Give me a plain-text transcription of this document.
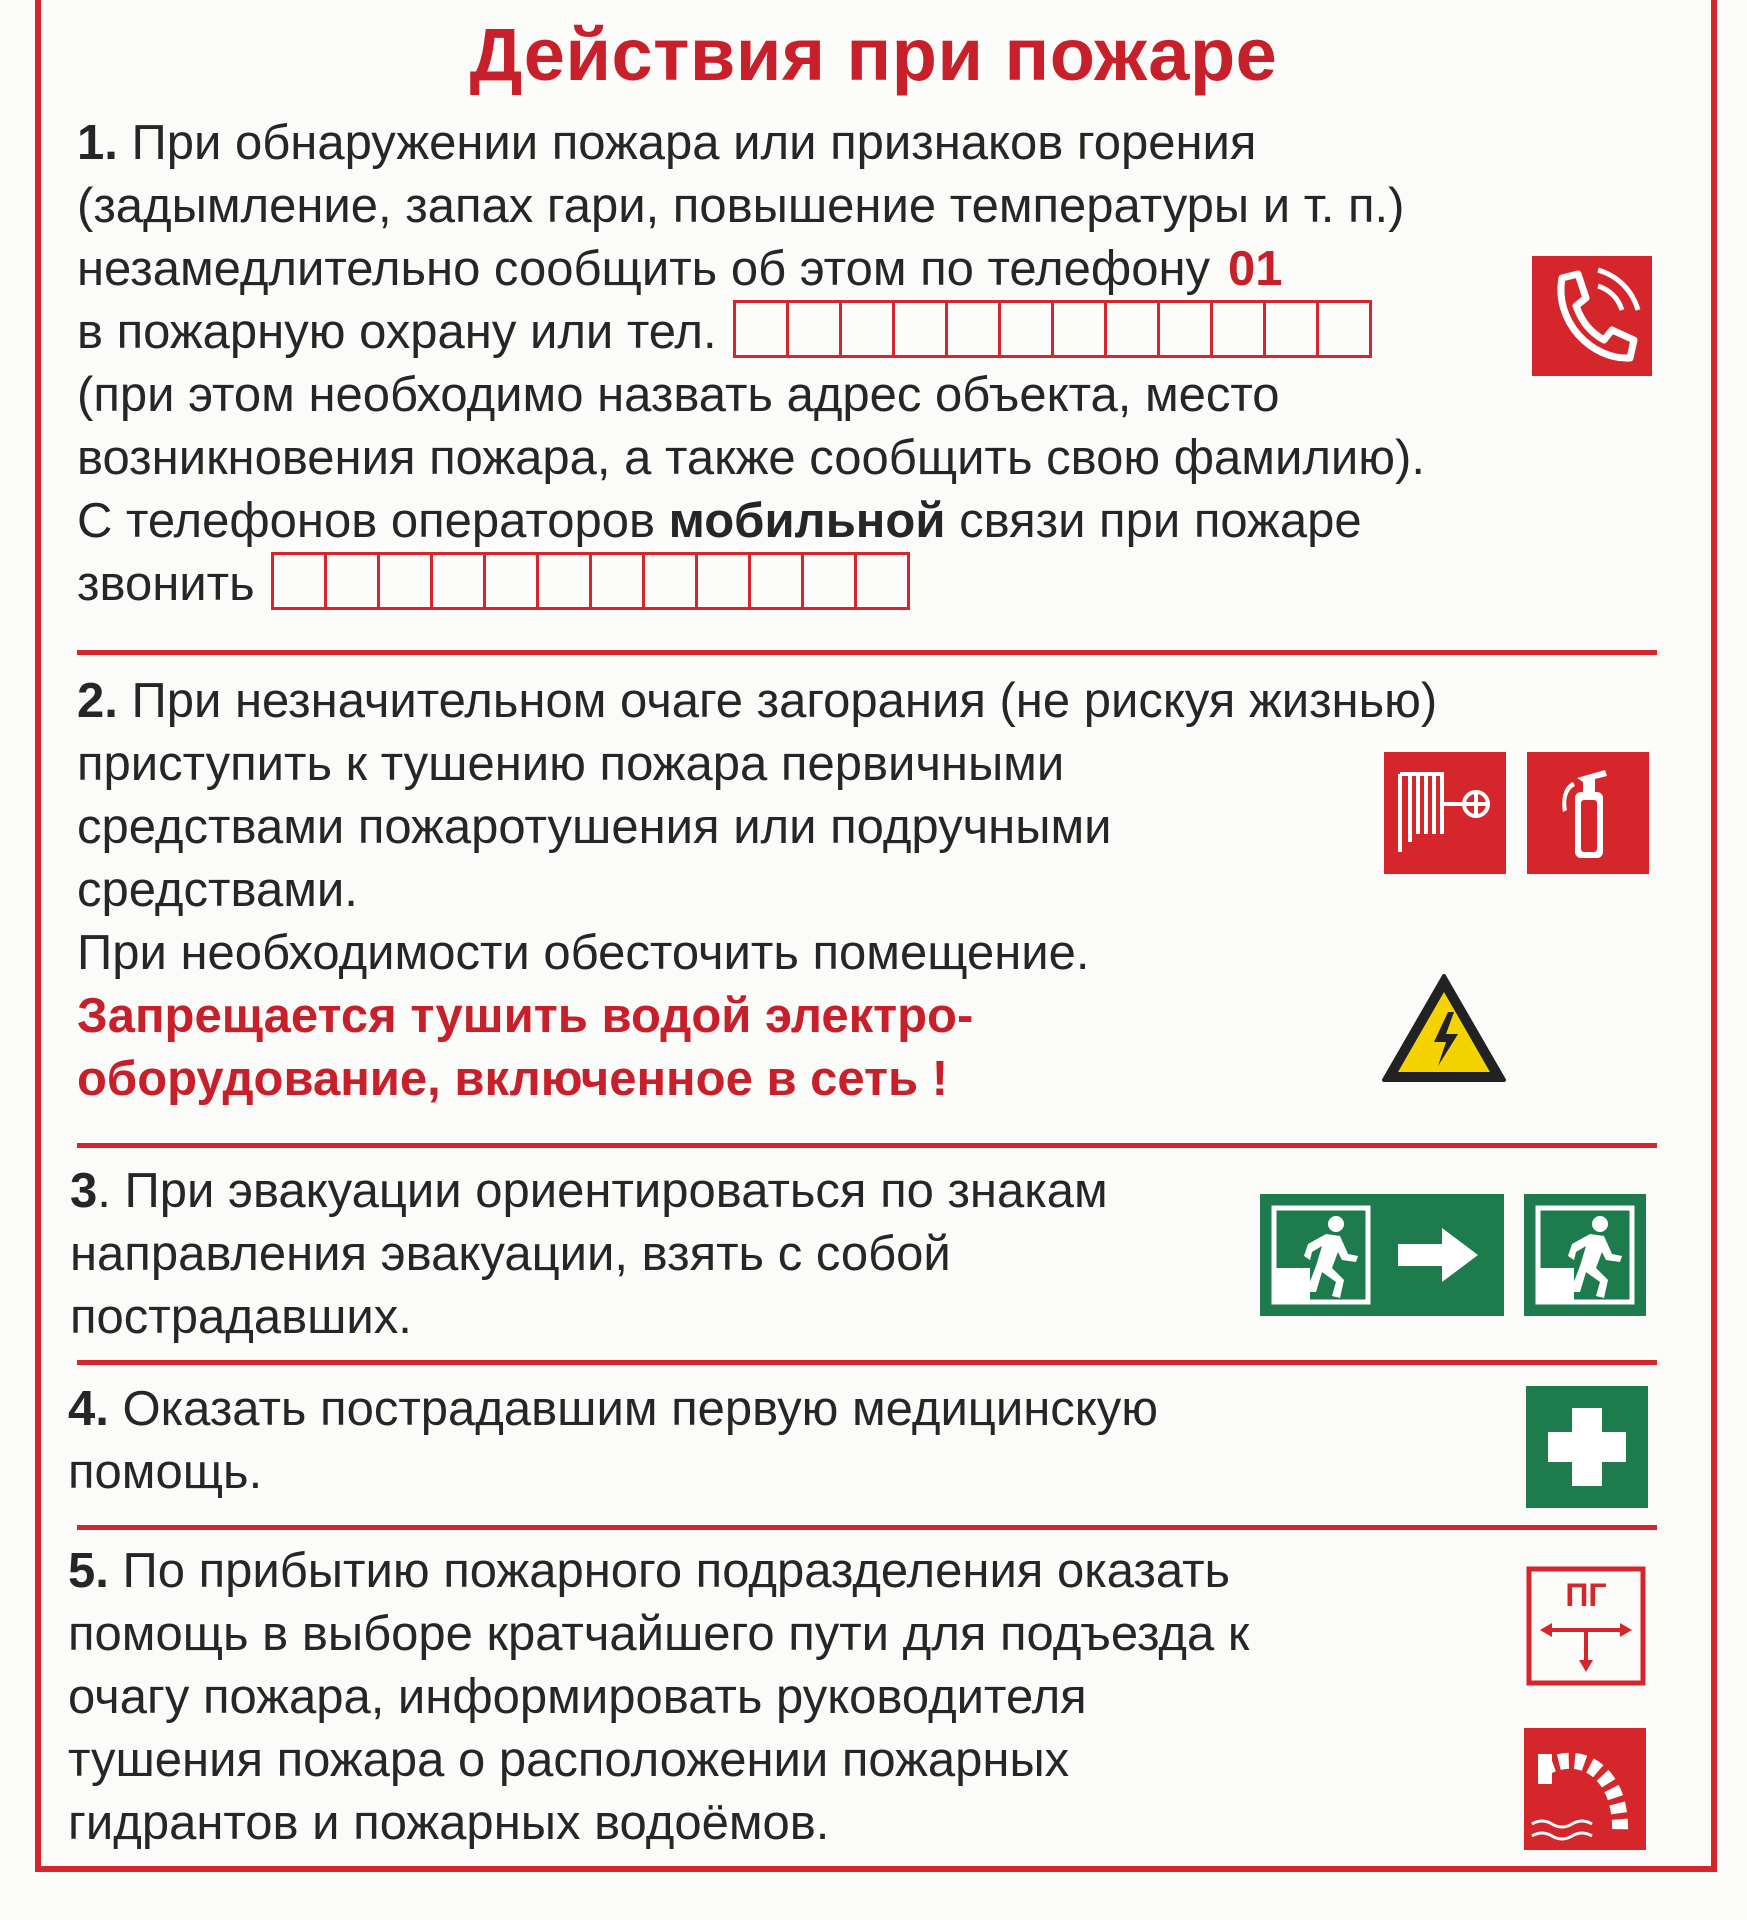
Действия при пожаре
1. При обнаружении пожара или признаков горения
(задымление, запах гари, повышение температуры и т. п.)
незамедлительно сообщить об этом по телефону 01
в пожарную охрану или тел.
(при этом необходимо назвать адрес объекта, место
возникновения пожара, а также сообщить свою фамилию).
С телефонов операторов мобильной связи при пожаре
звонить
2. При незначительном очаге загорания (не рискуя жизнью)
приступить к тушению пожара первичными
средствами пожаротушения или подручными
средствами.
При необходимости обесточить помещение.
Запрещается тушить водой электро-
оборудование, включенное в сеть !
3. При эвакуации ориентироваться по знакам
направления эвакуации, взять с собой
пострадавших.
4. Оказать пострадавшим первую медицинскую
помощь.
5. По прибытию пожарного подразделения оказать
помощь в выборе кратчайшего пути для подъезда к
очагу пожара, информировать руководителя
тушения пожара о расположении пожарных
гидрантов и пожарных водоёмов.
ПГ
